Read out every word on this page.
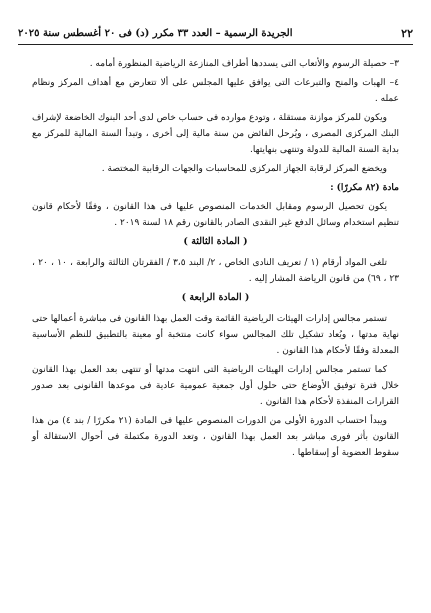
٢٢
الجريدة الرسمية – العدد ٣٣ مكرر (د) فى ٢٠ أغسطس سنة ٢٠٢٥

٣– حصيلة الرسوم والأتعاب التى يسددها أطراف المنازعة الرياضية المنظورة أمامه .

٤– الهبات والمنح والتبرعات التى يوافق عليها المجلس على ألا تتعارض مع أهداف المركز ونظام عمله .

ويكون للمركز موازنة مستقلة ، وتودع موارده فى حساب خاص لدى أحد البنوك الخاضعة لإشراف البنك المركزى المصرى ، ويُرحل الفائض من سنة مالية إلى أخرى ، وتبدأ السنة المالية للمركز مع بداية السنة المالية للدولة وتنتهى بنهايتها.

ويخضع المركز لرقابة الجهاز المركزى للمحاسبات والجهات الرقابية المختصة .

مادة (٨٢ مكررًا) :

يكون تحصيل الرسوم ومقابل الخدمات المنصوص عليها فى هذا القانون ، وفقًا لأحكام قانون تنظيم استخدام وسائل الدفع غير النقدى الصادر بالقانون رقم ١٨ لسنة ٢٠١٩ .

( المادة الثالثة )

تلغى المواد أرقام (١ / تعريف النادى الخاص ، ٢/ البند ٣،٥ / الفقرتان الثالثة والرابعة ، ١٠ ، ٢٠ ، ٢٣ ، ٦٩) من قانون الرياضة المشار إليه .

( المادة الرابعة )

تستمر مجالس إدارات الهيئات الرياضية القائمة وقت العمل بهذا القانون فى مباشرة أعمالها حتى نهاية مدتها ، ويُعاد تشكيل تلك المجالس سواء كانت منتخبة أو معينة بالتطبيق للنظم الأساسية المعدلة وفقًا لأحكام هذا القانون .

كما تستمر مجالس إدارات الهيئات الرياضية التى انتهت مدتها أو تنتهى بعد العمل بهذا القانون خلال فترة توفيق الأوضاع حتى حلول أول جمعية عمومية عادية فى موعدها القانونى بعد صدور القرارات المنفذة لأحكام هذا القانون .

ويبدأ احتساب الدورة الأولى من الدورات المنصوص عليها فى المادة (٢١ مكررًا / بند ٤) من هذا القانون بأثر فورى مباشر بعد العمل بهذا القانون ، وتعد الدورة مكتملة فى أحوال الاستقالة أو سقوط العضوية أو إسقاطها .
